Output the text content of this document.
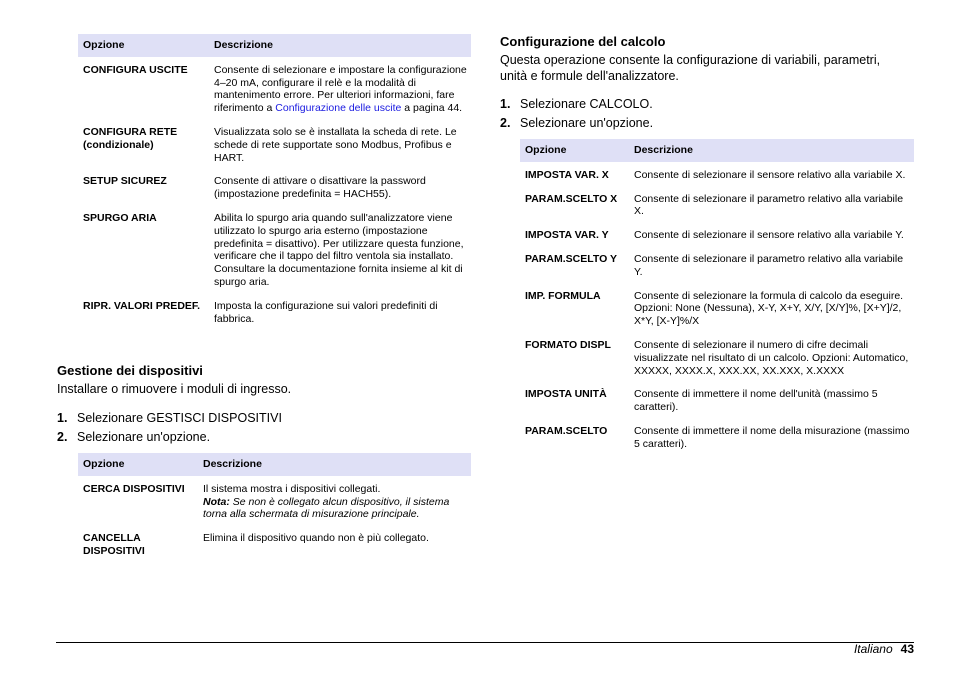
Opzione	Descrizione
CONFIGURA USCITE	Consente di selezionare e impostare la configurazione 4–20 mA, configurare il relè e la modalità di mantenimento errore. Per ulteriori informazioni, fare riferimento a Configurazione delle uscite a pagina 44.
CONFIGURA RETE (condizionale)	Visualizzata solo se è installata la scheda di rete. Le schede di rete supportate sono Modbus, Profibus e HART.
SETUP SICUREZ	Consente di attivare o disattivare la password (impostazione predefinita = HACH55).
SPURGO ARIA	Abilita lo spurgo aria quando sull'analizzatore viene utilizzato lo spurgo aria esterno (impostazione predefinita = disattivo). Per utilizzare questa funzione, verificare che il tappo del filtro ventola sia installato. Consultare la documentazione fornita insieme al kit di spurgo aria.
RIPR. VALORI PREDEF.	Imposta la configurazione sui valori predefiniti di fabbrica.
Gestione dei dispositivi
Installare o rimuovere i moduli di ingresso.
1. Selezionare GESTISCI DISPOSITIVI
2. Selezionare un'opzione.
Opzione	Descrizione
CERCA DISPOSITIVI	Il sistema mostra i dispositivi collegati.
Nota: Se non è collegato alcun dispositivo, il sistema torna alla schermata di misurazione principale.
CANCELLA DISPOSITIVI	Elimina il dispositivo quando non è più collegato.
Configurazione del calcolo
Questa operazione consente la configurazione di variabili, parametri, unità e formule dell'analizzatore.
1. Selezionare CALCOLO.
2. Selezionare un'opzione.
Opzione	Descrizione
IMPOSTA VAR. X	Consente di selezionare il sensore relativo alla variabile X.
PARAM.SCELTO X	Consente di selezionare il parametro relativo alla variabile X.
IMPOSTA VAR. Y	Consente di selezionare il sensore relativo alla variabile Y.
PARAM.SCELTO Y	Consente di selezionare il parametro relativo alla variabile Y.
IMP. FORMULA	Consente di selezionare la formula di calcolo da eseguire. Opzioni: None (Nessuna), X-Y, X+Y, X/Y, [X/Y]%, [X+Y]/2, X*Y, [X-Y]%/X
FORMATO DISPL	Consente di selezionare il numero di cifre decimali visualizzate nel risultato di un calcolo. Opzioni: Automatico, XXXXX, XXXX.X, XXX.XX, XX.XXX, X.XXXX
IMPOSTA UNITÀ	Consente di immettere il nome dell'unità (massimo 5 caratteri).
PARAM.SCELTO	Consente di immettere il nome della misurazione (massimo 5 caratteri).
Italiano 43
